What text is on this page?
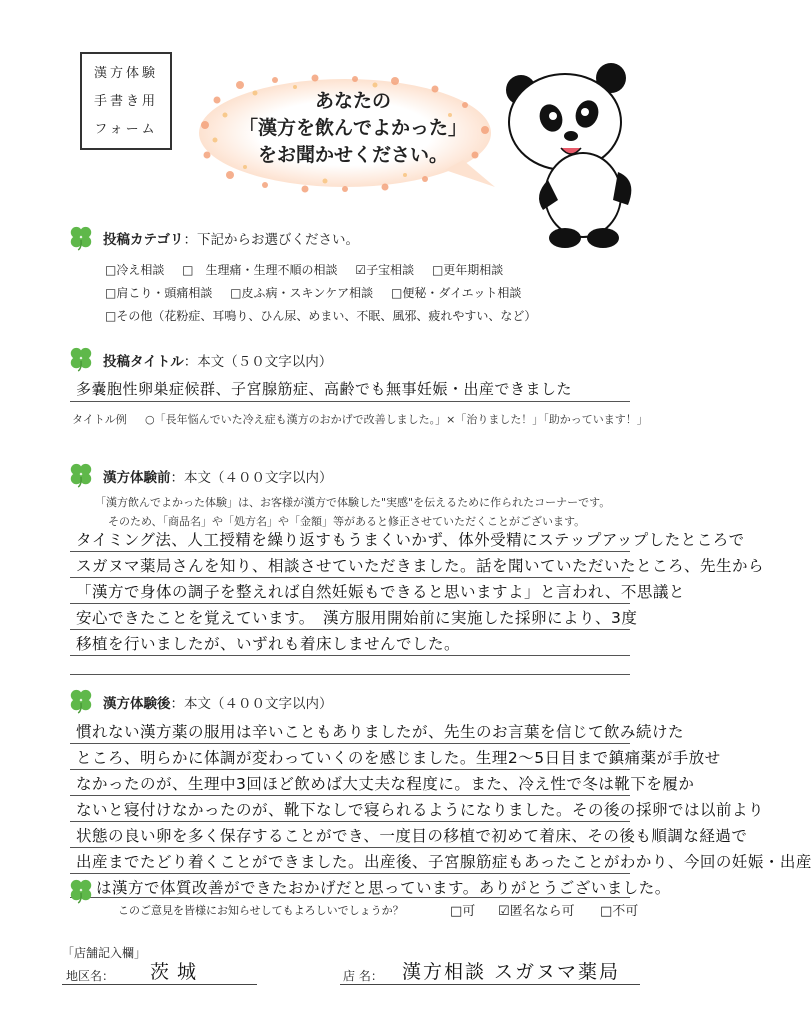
漢方体験
手書き用
フォーム
あなたの
「漢方を飲んでよかった」
をお聞かせください。
投稿カテゴリ：下記からお選びください。
□冷え相談 □　生理痛・生理不順の相談 ☑子宝相談 □更年期相談
□肩こり・頭痛相談 □皮ふ病・スキンケア相談 □便秘・ダイエット相談
□その他（花粉症、耳鳴り、ひん尿、めまい、不眠、風邪、疲れやすい、など）
投稿タイトル：本文（５０文字以内）
多嚢胞性卵巣症候群、子宮腺筋症、高齢でも無事妊娠・出産できました
タイトル例 ○「長年悩んでいた冷え症も漢方のおかげで改善しました。」×「治りました！」「助かっています！」
漢方体験前：本文（４００文字以内）
「漢方飲んでよかった体験」は、お客様が漢方で体験した"実感"を伝えるために作られたコーナーです。
そのため、「商品名」や「処方名」や「金額」等があると修正させていただくことがございます。
タイミング法、人工授精を繰り返すもうまくいかず、体外受精にステップアップしたところで
スガヌマ薬局さんを知り、相談させていただきました。話を聞いていただいたところ、先生から
「漢方で身体の調子を整えれば自然妊娠もできると思いますよ」と言われ、不思議と
安心できたことを覚えています。　漢方服用開始前に実施した採卵により、3度
移植を行いましたが、いずれも着床しませんでした。
漢方体験後：本文（４００文字以内）
慣れない漢方薬の服用は辛いこともありましたが、先生のお言葉を信じて飲み続けた
ところ、明らかに体調が変わっていくのを感じました。生理2～5日目まで鎮痛薬が手放せ
なかったのが、生理中3回ほど飲めば大丈夫な程度に。また、冷え性で冬は靴下を履か
ないと寝付けなかったのが、靴下なしで寝られるようになりました。その後の採卵では以前より
状態の良い卵を多く保存することができ、一度目の移植で初めて着床、その後も順調な経過で
出産までたどり着くことができました。出産後、子宮腺筋症もあったことがわかり、今回の妊娠・出産
は漢方で体質改善ができたおかげだと思っています。ありがとうございました。
このご意見を皆様にお知らせしてもよろしいでしょうか？	□可 ☑匿名なら可 □不可
「店舗記入欄」
地区名： 茨城	店 名： 漢方相談 スガヌマ薬局
